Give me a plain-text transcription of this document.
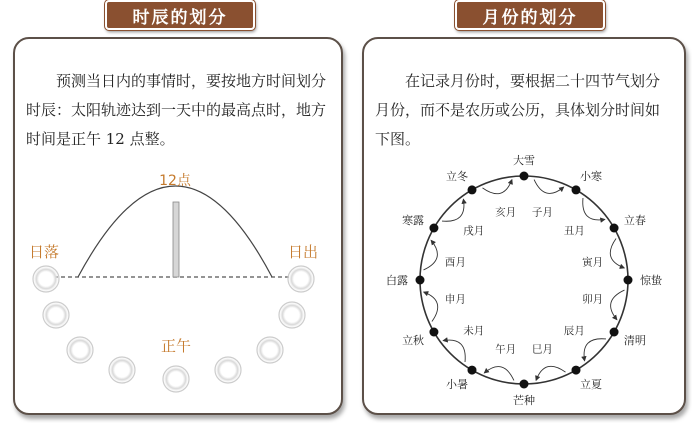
时辰的划分	月份的划分

预测当日内的事情时，要按地方时间划分时辰：太阳轨迹达到一天中的最高点时，地方时间是正午 12 点整。

在记录月份时，要根据二十四节气划分月份，而不是农历或公历，具体划分时间如下图。

12点
日落	日出
正午
大雪
小寒
立春
惊蛰
清明
立夏
芒种
小暑
立秋
白露
寒露
立冬
子月
丑月
寅月
卯月
辰月
巳月
午月
未月
申月
酉月
戌月
亥月
